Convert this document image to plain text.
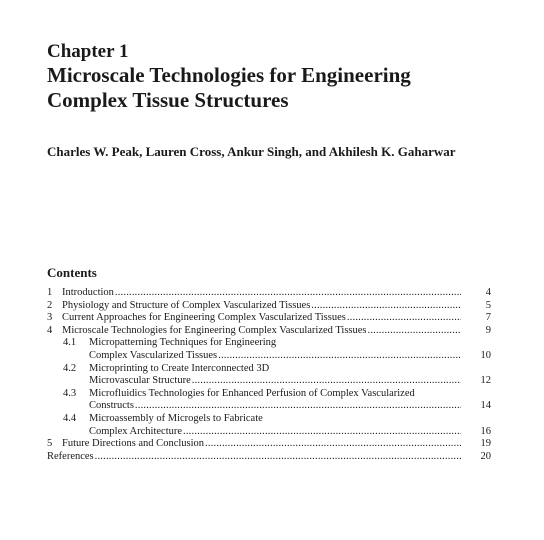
Chapter 1
Microscale Technologies for Engineering
Complex Tissue Structures
Charles W. Peak, Lauren Cross, Ankur Singh, and Akhilesh K. Gaharwar
Contents
1 Introduction .....	4
2 Physiology and Structure of Complex Vascularized Tissues .....	5
3 Current Approaches for Engineering Complex Vascularized Tissues .....	7
4 Microscale Technologies for Engineering Complex Vascularized Tissues .....	9
4.1	Micropatterning Techniques for Engineering
Complex Vascularized Tissues .....	10
4.2	Microprinting to Create Interconnected 3D
Microvascular Structure .....	12
4.3	Microfluidics Technologies for Enhanced Perfusion of Complex Vascularized
Constructs .....	14
4.4	Microassembly of Microgels to Fabricate
Complex Architecture .....	16
5 Future Directions and Conclusion .....	19
References .....	20
